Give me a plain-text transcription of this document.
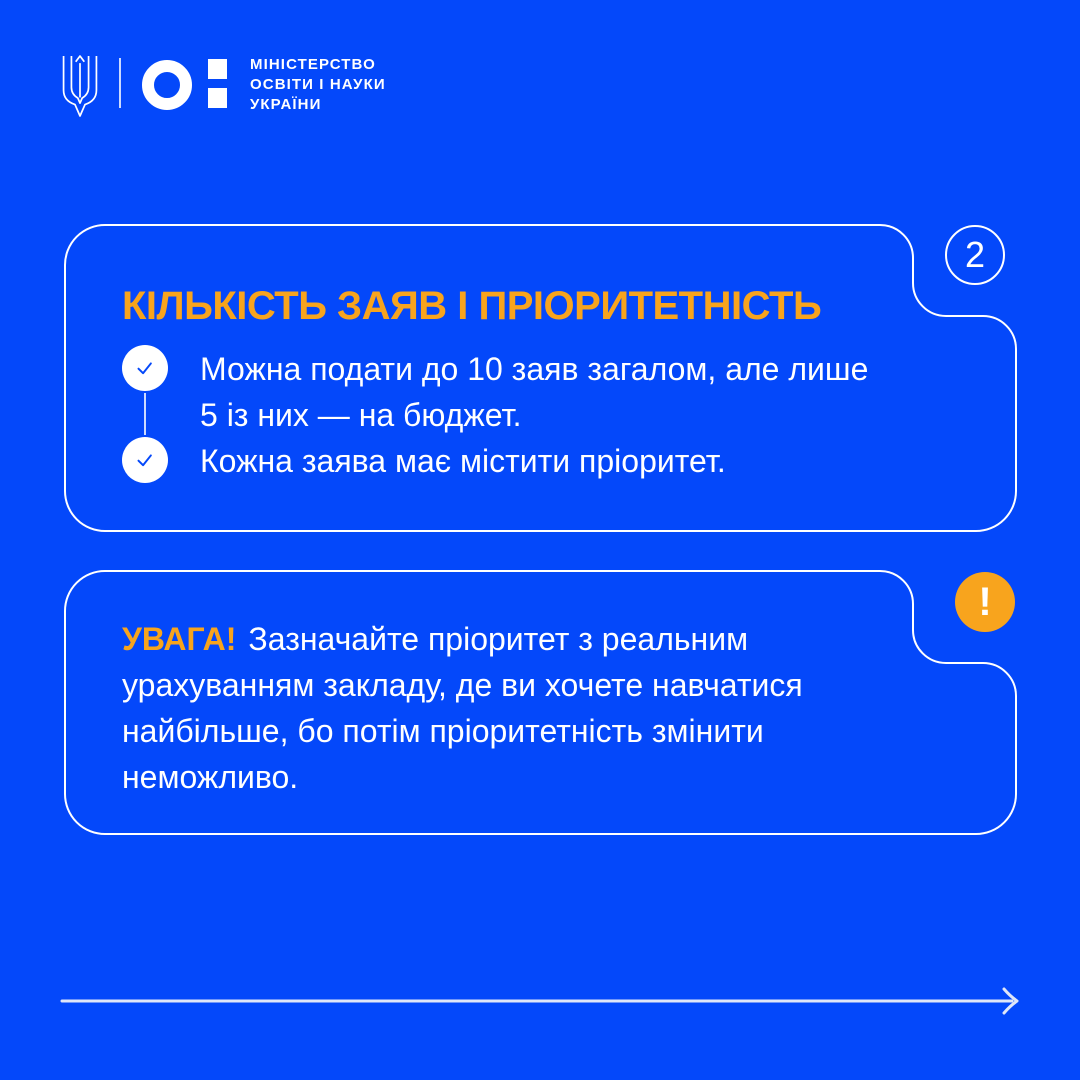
МІНІСТЕРСТВО
ОСВІТИ І НАУКИ
УКРАЇНИ
2
КІЛЬКІСТЬ ЗАЯВ І ПРІОРИТЕТНІСТЬ
Можна подати до 10 заяв загалом, але лише
5 із них — на бюджет.
Кожна заява має містити пріоритет.
!
УВАГА! Зазначайте пріоритет з реальним
урахуванням закладу, де ви хочете навчатися
найбільше, бо потім пріоритетність змінити
неможливо.
